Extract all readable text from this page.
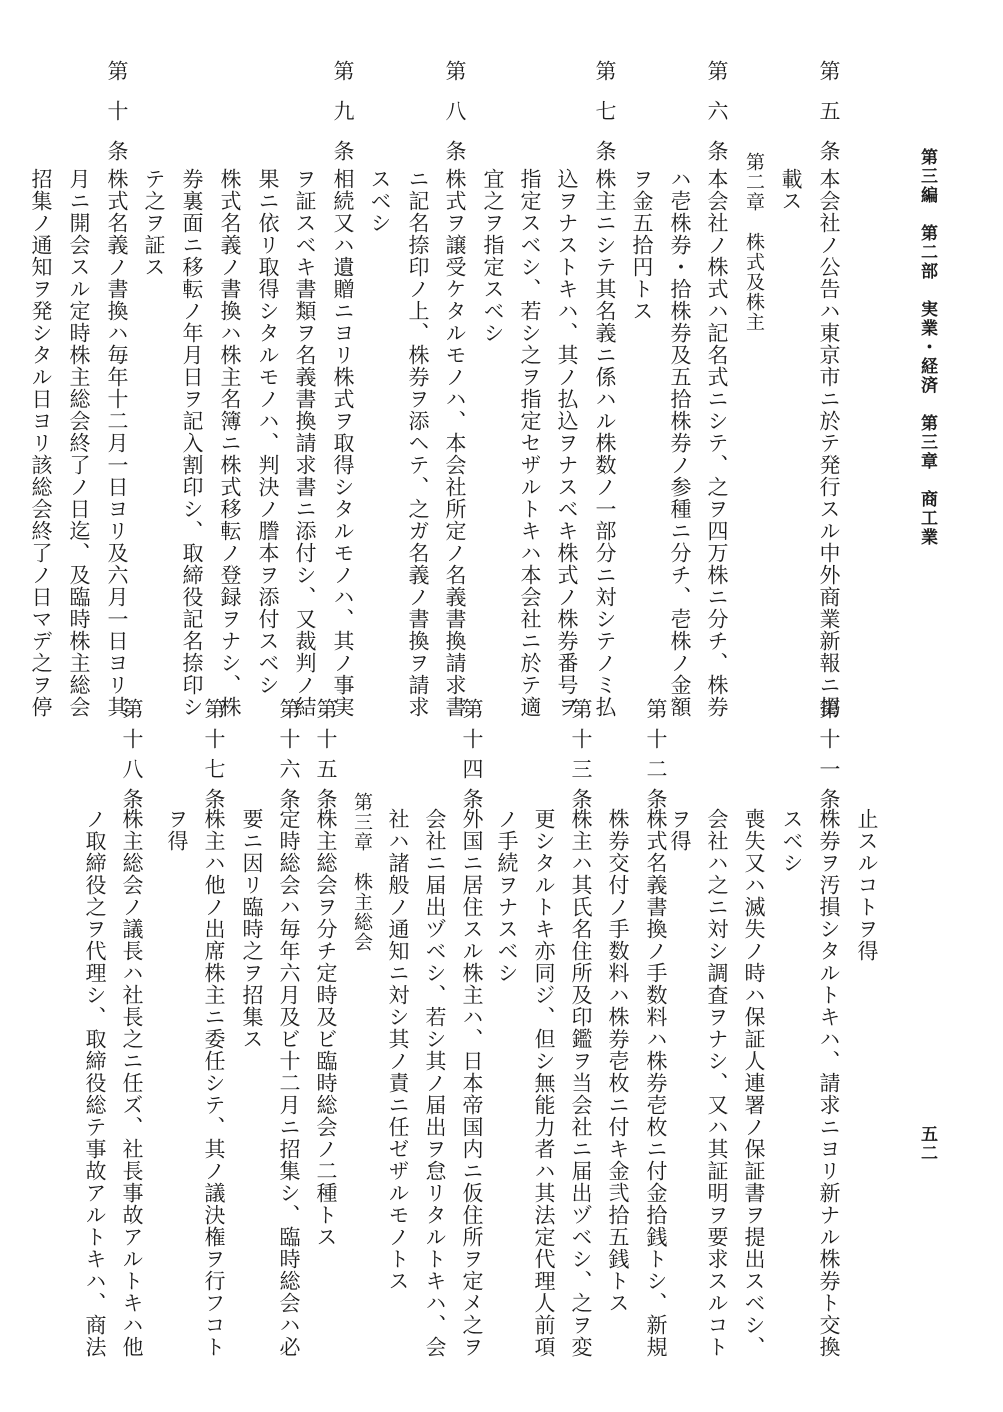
第三編　第二部　実業・経済　第三章　商工業
五二
第五条
本会社ノ公告ハ東京市ニ於テ発行スル中外商業新報ニ掲
載ス
第二章　株式及株主
第六条
本会社ノ株式ハ記名式ニシテ、之ヲ四万株ニ分チ、株券
ハ壱株券・拾株券及五拾株券ノ参種ニ分チ、壱株ノ金額
ヲ金五拾円トス
第七条
株主ニシテ其名義ニ係ハル株数ノ一部分ニ対シテノミ払
込ヲナストキハ、其ノ払込ヲナスベキ株式ノ株券番号ヲ
指定スベシ、若シ之ヲ指定セザルトキハ本会社ニ於テ適
宜之ヲ指定スベシ
第八条
株式ヲ譲受ケタルモノハ、本会社所定ノ名義書換請求書
ニ記名捺印ノ上、株券ヲ添ヘテ、之ガ名義ノ書換ヲ請求
スベシ
第九条
相続又ハ遺贈ニヨリ株式ヲ取得シタルモノハ、其ノ事実
ヲ証スベキ書類ヲ名義書換請求書ニ添付シ、又裁判ノ結
果ニ依リ取得シタルモノハ、判決ノ謄本ヲ添付スベシ
第十条
株式名義ノ書換ハ株主名簿ニ株式移転ノ登録ヲナシ、株
券裏面ニ移転ノ年月日ヲ記入割印シ、取締役記名捺印シ
テ之ヲ証ス
株式名義ノ書換ハ毎年十二月一日ヨリ及六月一日ヨリ其
月ニ開会スル定時株主総会終了ノ日迄、及臨時株主総会
招集ノ通知ヲ発シタル日ヨリ該総会終了ノ日マデ之ヲ停
止スルコトヲ得
第十一条
株券ヲ汚損シタルトキハ、請求ニヨリ新ナル株券ト交換
スベシ
喪失又ハ滅失ノ時ハ保証人連署ノ保証書ヲ提出スベシ、
会社ハ之ニ対シ調査ヲナシ、又ハ其証明ヲ要求スルコト
ヲ得
第十二条
株式名義書換ノ手数料ハ株券壱枚ニ付金拾銭トシ、新規
株券交付ノ手数料ハ株券壱枚ニ付キ金弐拾五銭トス
第十三条
株主ハ其氏名住所及印鑑ヲ当会社ニ届出ヅベシ、之ヲ変
更シタルトキ亦同ジ、但シ無能力者ハ其法定代理人前項
ノ手続ヲナスベシ
第十四条
外国ニ居住スル株主ハ、日本帝国内ニ仮住所ヲ定メ之ヲ
会社ニ届出ヅベシ、若シ其ノ届出ヲ怠リタルトキハ、会
社ハ諸般ノ通知ニ対シ其ノ責ニ任ゼザルモノトス
第三章　株主総会
第十五条
株主総会ヲ分チ定時及ビ臨時総会ノ二種トス
第十六条
定時総会ハ毎年六月及ビ十二月ニ招集シ、臨時総会ハ必
要ニ因リ臨時之ヲ招集ス
第十七条
株主ハ他ノ出席株主ニ委任シテ、其ノ議決権ヲ行フコト
ヲ得
第十八条
株主総会ノ議長ハ社長之ニ任ズ、社長事故アルトキハ他
ノ取締役之ヲ代理シ、取締役総テ事故アルトキハ、商法
